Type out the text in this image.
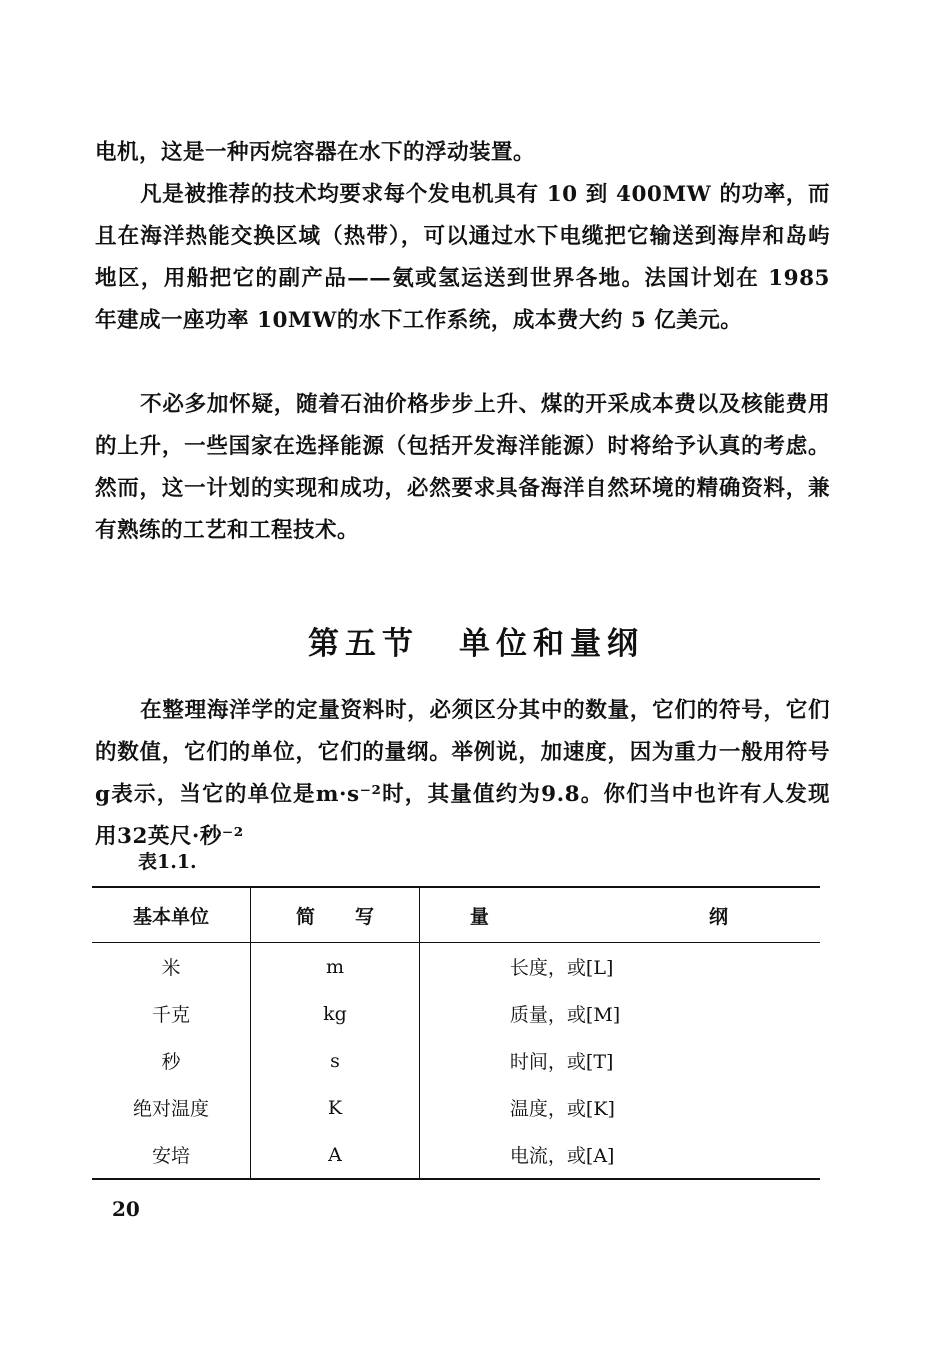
电机，这是一种丙烷容器在水下的浮动装置。

凡是被推荐的技术均要求每个发电机具有 10 到 400MW 的功率，而且在海洋热能交换区域（热带），可以通过水下电缆把它输送到海岸和岛屿地区，用船把它的副产品——氨或氢运送到世界各地。法国计划在 1985 年建成一座功率 10MW的水下工作系统，成本费大约 5 亿美元。

不必多加怀疑，随着石油价格步步上升、煤的开采成本费以及核能费用的上升，一些国家在选择能源（包括开发海洋能源）时将给予认真的考虑。然而，这一计划的实现和成功，必然要求具备海洋自然环境的精确资料，兼有熟练的工艺和工程技术。

第五节 单位和量纲

在整理海洋学的定量资料时，必须区分其中的数量，它们的符号，它们的数值，它们的单位，它们的量纲。举例说，加速度，因为重力一般用符号g表示，当它的单位是m·s⁻²时，其量值约为9.8。你们当中也许有人发现用32英尺·秒⁻²

表1.1.
基本单位	简 写	量 纲
米	m	长度，或[L]
千克	kg	质量，或[M]
秒	s	时间，或[T]
绝对温度	K	温度，或[K]
安培	A	电流，或[A]
20
